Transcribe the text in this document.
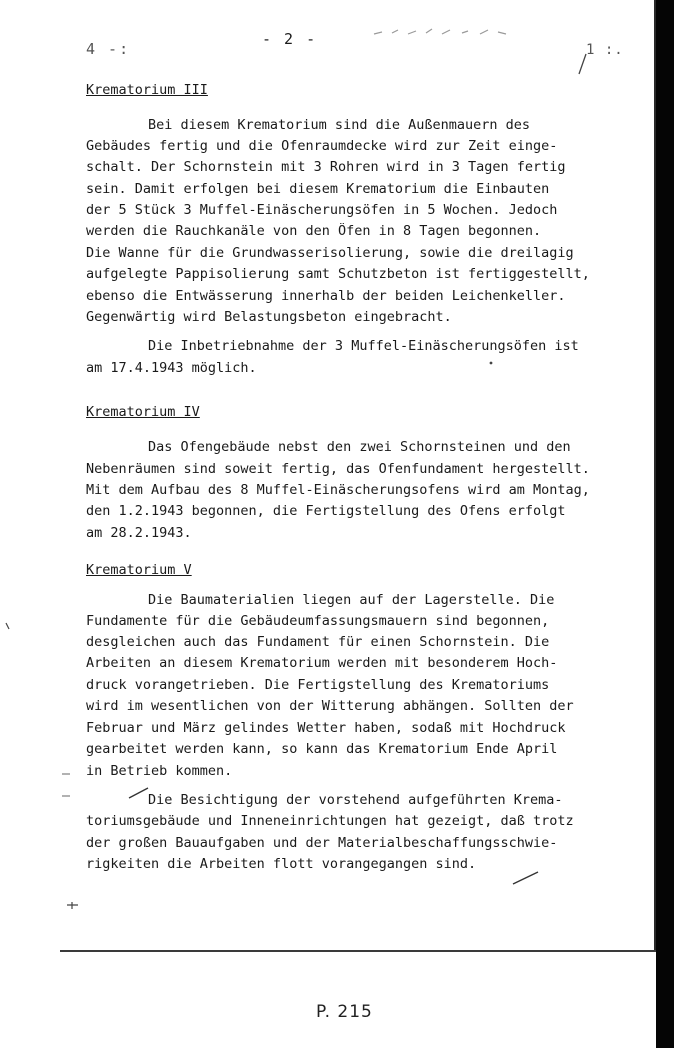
- 2 -
4 -:	1 :.
Krematorium III
Bei diesem Krematorium sind die Außenmauern des
Gebäudes fertig und die Ofenraumdecke wird zur Zeit einge-
schalt. Der Schornstein mit 3 Rohren wird in 3 Tagen fertig
sein. Damit erfolgen bei diesem Krematorium die Einbauten
der 5 Stück 3 Muffel-Einäscherungsöfen in 5 Wochen. Jedoch
werden die Rauchkanäle von den Öfen in 8 Tagen begonnen.
Die Wanne für die Grundwasserisolierung, sowie die dreilagig
aufgelegte Pappisolierung samt Schutzbeton ist fertiggestellt,
ebenso die Entwässerung innerhalb der beiden Leichenkeller.
Gegenwärtig wird Belastungsbeton eingebracht.
Die Inbetriebnahme der 3 Muffel-Einäscherungsöfen ist
am 17.4.1943 möglich.
Krematorium IV
Das Ofengebäude nebst den zwei Schornsteinen und den
Nebenräumen sind soweit fertig, das Ofenfundament hergestellt.
Mit dem Aufbau des 8 Muffel-Einäscherungsofens wird am Montag,
den 1.2.1943 begonnen, die Fertigstellung des Ofens erfolgt
am 28.2.1943.
Krematorium V
Die Baumaterialien liegen auf der Lagerstelle. Die
Fundamente für die Gebäudeumfassungsmauern sind begonnen,
desgleichen auch das Fundament für einen Schornstein. Die
Arbeiten an diesem Krematorium werden mit besonderem Hoch-
druck vorangetrieben. Die Fertigstellung des Krematoriums
wird im wesentlichen von der Witterung abhängen. Sollten der
Februar und März gelindes Wetter haben, sodaß mit Hochdruck
gearbeitet werden kann, so kann das Krematorium Ende April
in Betrieb kommen.
Die Besichtigung der vorstehend aufgeführten Krema-
toriumsgebäude und Inneneinrichtungen hat gezeigt, daß trotz
der großen Bauaufgaben und der Materialbeschaffungsschwie-
rigkeiten die Arbeiten flott vorangegangen sind.
P. 215
